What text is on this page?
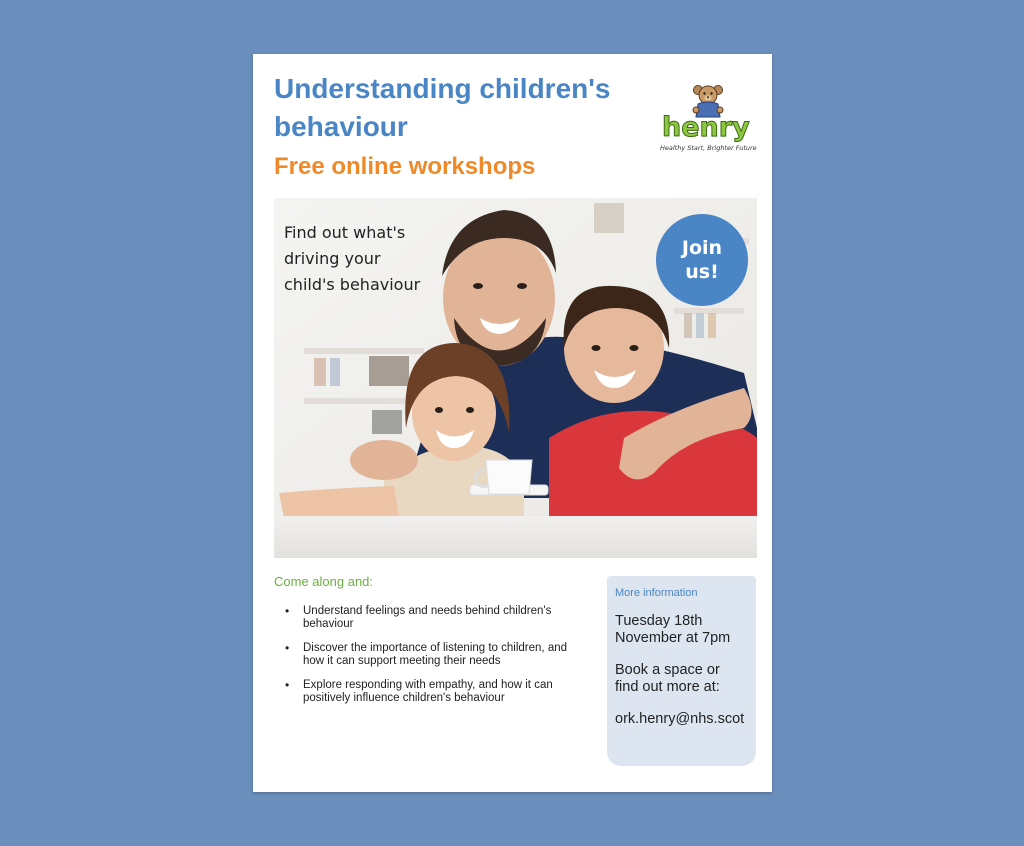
Understanding children's behaviour
Free online workshops
henry
Healthy Start, Brighter Future

Find out what's driving your child's behaviour

Join
us!

Come along and:

• Understand feelings and needs behind children's behaviour
• Discover the importance of listening to children, and how it can support meeting their needs
• Explore responding with empathy, and how it can positively influence children's behaviour

More information

Tuesday 18th
November at 7pm

Book a space or
find out more at:

ork.henry@nhs.scot
